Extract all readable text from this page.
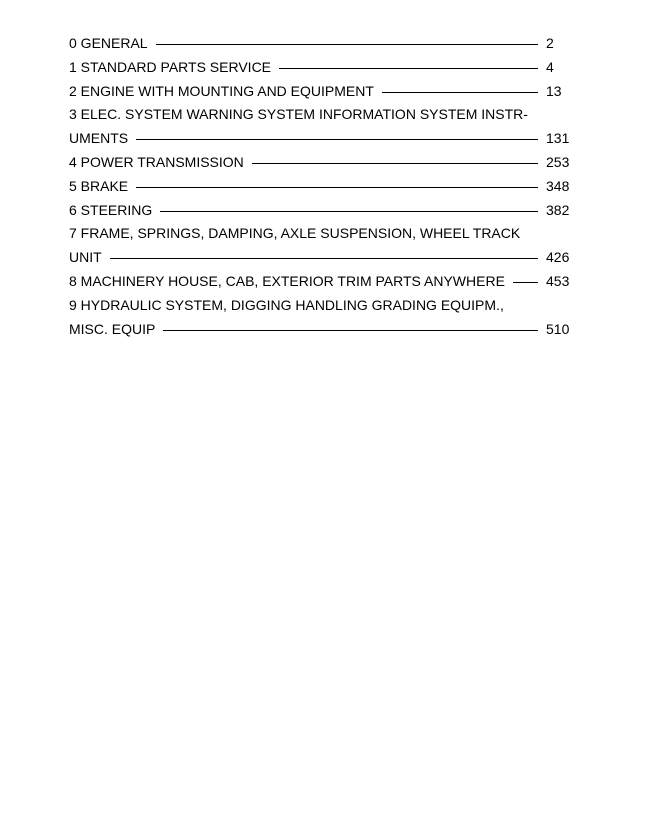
0 GENERAL	2
1 STANDARD PARTS SERVICE	4
2 ENGINE WITH MOUNTING AND EQUIPMENT	13
3 ELEC. SYSTEM WARNING SYSTEM INFORMATION SYSTEM INSTR-
UMENTS	131
4 POWER TRANSMISSION	253
5 BRAKE	348
6 STEERING	382
7 FRAME, SPRINGS, DAMPING, AXLE SUSPENSION, WHEEL TRACK
UNIT	426
8 MACHINERY HOUSE, CAB, EXTERIOR TRIM PARTS ANYWHERE	453
9 HYDRAULIC SYSTEM, DIGGING HANDLING GRADING EQUIPM.,
MISC. EQUIP	510
